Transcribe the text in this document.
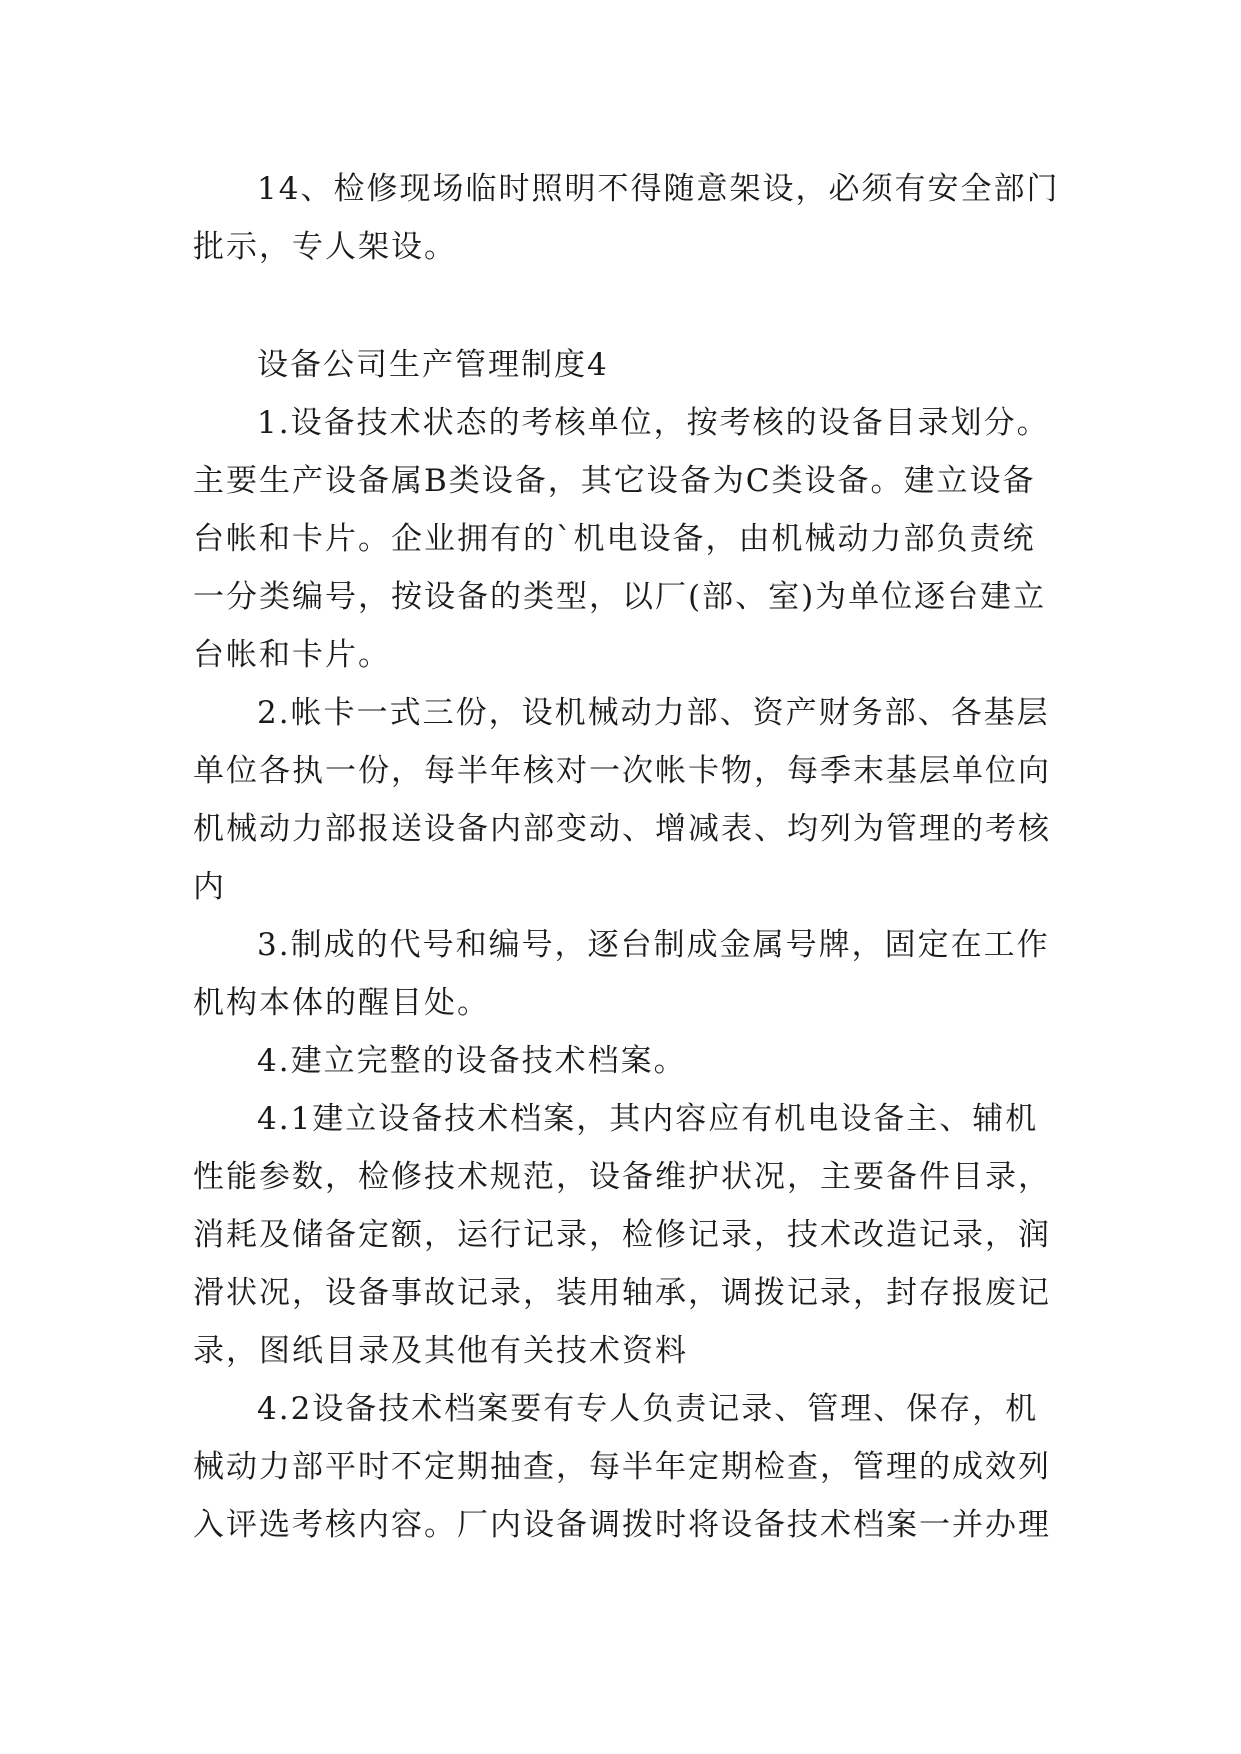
14、检修现场临时照明不得随意架设，必须有安全部门
批示，专人架设。
设备公司生产管理制度4
1.设备技术状态的考核单位，按考核的设备目录划分。
主要生产设备属B类设备，其它设备为C类设备。建立设备
台帐和卡片。企业拥有的`机电设备，由机械动力部负责统
一分类编号，按设备的类型，以厂(部、室)为单位逐台建立
台帐和卡片。
2.帐卡一式三份，设机械动力部、资产财务部、各基层
单位各执一份，每半年核对一次帐卡物，每季末基层单位向
机械动力部报送设备内部变动、增减表、均列为管理的考核
内
3.制成的代号和编号，逐台制成金属号牌，固定在工作
机构本体的醒目处。
4.建立完整的设备技术档案。
4.1建立设备技术档案，其内容应有机电设备主、辅机
性能参数，检修技术规范，设备维护状况，主要备件目录，
消耗及储备定额，运行记录，检修记录，技术改造记录，润
滑状况，设备事故记录，装用轴承，调拨记录，封存报废记
录，图纸目录及其他有关技术资料
4.2设备技术档案要有专人负责记录、管理、保存，机
械动力部平时不定期抽查，每半年定期检查，管理的成效列
入评选考核内容。厂内设备调拨时将设备技术档案一并办理
